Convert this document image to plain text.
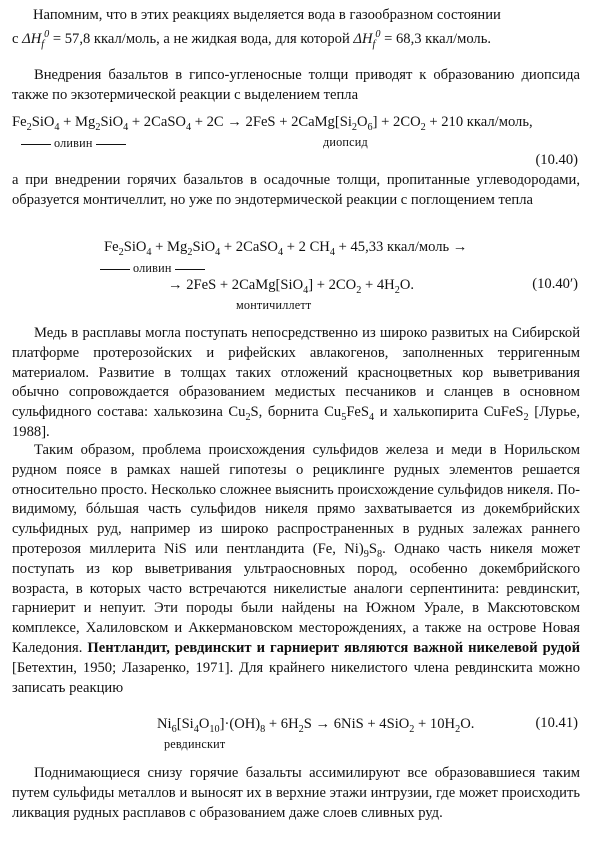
Напомним, что в этих реакциях выделяется вода в газообразном состоянии
с $\Delta H_f^0 = 57,8$ ккал/моль, а не жидкая вода, для которой $\Delta H_f^0 = 68,3$ ккал/моль.

Внедрения базальтов в гипсо-угленосные толщи приводят к образованию диопсида также по экзотермической реакции с выделением тепла

$Fe_2SiO_4 + Mg_2SiO_4$ + 2CaSO$_4$ + $2C \to 2FeS + 2CaMg[Si_2O_6] + 2CO_2 + 210$ ккал/моль,
оливин	диопсид
(10.40)

а при внедрении горячих базальтов в осадочные толщи, пропитанные углеводородами, образуется монтичеллит, но уже по эндотермической реакции с поглощением тепла

$Fe_2SiO_4 + Mg_2SiO_4$ + 2CaSO$_4$ + 2 $CH_4 + 45,33$ ккал/моль →
оливин
→ 2FeS + 2CaMg[SiO$_4$] + $2CO_2 + 4H_2O$.
монтичиллетт
(10.40′)

Медь в расплавы могла поступать непосредственно из широко развитых на Сибирской платформе протерозойских и рифейских авлакогенов, заполненных терригенным материалом. Развитие в толщах таких отложений красноцветных кор выветривания обычно сопровождается образованием медистых песчаников и сланцев в основном сульфидного состава: халькозина $Cu_2S$, борнита $Cu_5FeS_4$ и халькопирита CuFeS$_2$ [Лурье, 1988].

Таким образом, проблема происхождения сульфидов железа и меди в Норильском рудном поясе в рамках нашей гипотезы о рециклинге рудных элементов решается относительно просто. Несколько сложнее выяснить происхождение сульфидов никеля. По-видимому, бóльшая часть сульфидов никеля прямо захватывается из докембрийских сульфидных руд, например из широко распространенных в рудных залежах раннего протерозоя миллерита NiS или пентландита (Fe, $Ni)_9S_8$. Однако часть никеля может поступать из кор выветривания ультраосновных пород, особенно докембрийского возраста, в которых часто встречаются никелистые аналоги серпентинита: ревдинскит, гарниерит и непуит. Эти породы были найдены на Южном Урале, в Максютовском комплексе, Халиловском и Аккермановском месторождениях, а также на острове Новая Каледония. Пентландит, ревдинскит и гарниерит являются важной никелевой рудой [Бетехтин, 1950; Лазаренко, 1971]. Для крайнего никелистого члена ревдинскита можно записать реакцию

$Ni_6[Si_4O_{10}]\cdot(OH)_8 + 6H_2S \to 6NiS + 4SiO_2 + 10H_2O$.
ревдинскит
(10.41)

Поднимающиеся снизу горячие базальты ассимилируют все образовавшиеся таким путем сульфиды металлов и выносят их в верхние этажи интрузии, где может происходить ликвация рудных расплавов с образованием даже слоев сливных руд.
